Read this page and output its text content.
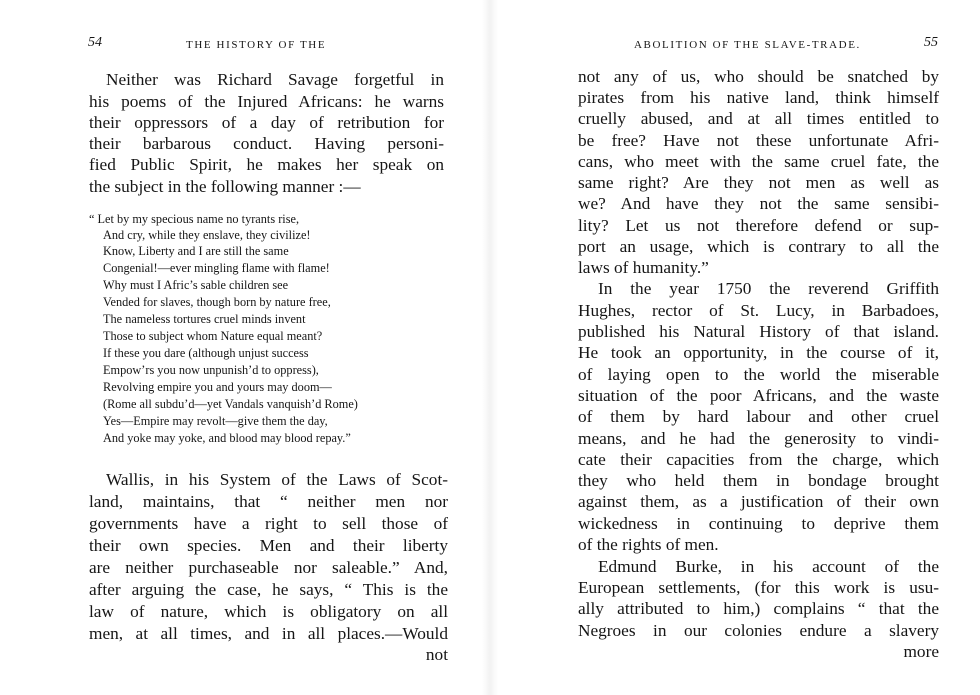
54	THE HISTORY OF THE
Neither was Richard Savage forgetful in
his poems of the Injured Africans: he warns
their oppressors of a day of retribution for
their barbarous conduct. Having personi-
fied Public Spirit, he makes her speak on
the subject in the following manner :—
“ Let by my specious name no tyrants rise,
And cry, while they enslave, they civilize!
Know, Liberty and I are still the same
Congenial!—ever mingling flame with flame!
Why must I Afric’s sable children see
Vended for slaves, though born by nature free,
The nameless tortures cruel minds invent
Those to subject whom Nature equal meant?
If these you dare (although unjust success
Empow’rs you now unpunish’d to oppress),
Revolving empire you and yours may doom—
(Rome all subdu’d—yet Vandals vanquish’d Rome)
Yes—Empire may revolt—give them the day,
And yoke may yoke, and blood may blood repay.”
Wallis, in his System of the Laws of Scot-
land, maintains, that “ neither men nor
governments have a right to sell those of
their own species. Men and their liberty
are neither purchaseable nor saleable.” And,
after arguing the case, he says, “ This is the
law of nature, which is obligatory on all
men, at all times, and in all places.—Would
not
ABOLITION OF THE SLAVE-TRADE.	55
not any of us, who should be snatched by
pirates from his native land, think himself
cruelly abused, and at all times entitled to
be free? Have not these unfortunate Afri-
cans, who meet with the same cruel fate, the
same right? Are they not men as well as
we? And have they not the same sensibi-
lity? Let us not therefore defend or sup-
port an usage, which is contrary to all the
laws of humanity.”
In the year 1750 the reverend Griffith
Hughes, rector of St. Lucy, in Barbadoes,
published his Natural History of that island.
He took an opportunity, in the course of it,
of laying open to the world the miserable
situation of the poor Africans, and the waste
of them by hard labour and other cruel
means, and he had the generosity to vindi-
cate their capacities from the charge, which
they who held them in bondage brought
against them, as a justification of their own
wickedness in continuing to deprive them
of the rights of men.
Edmund Burke, in his account of the
European settlements, (for this work is usu-
ally attributed to him,) complains “ that the
Negroes in our colonies endure a slavery
more
